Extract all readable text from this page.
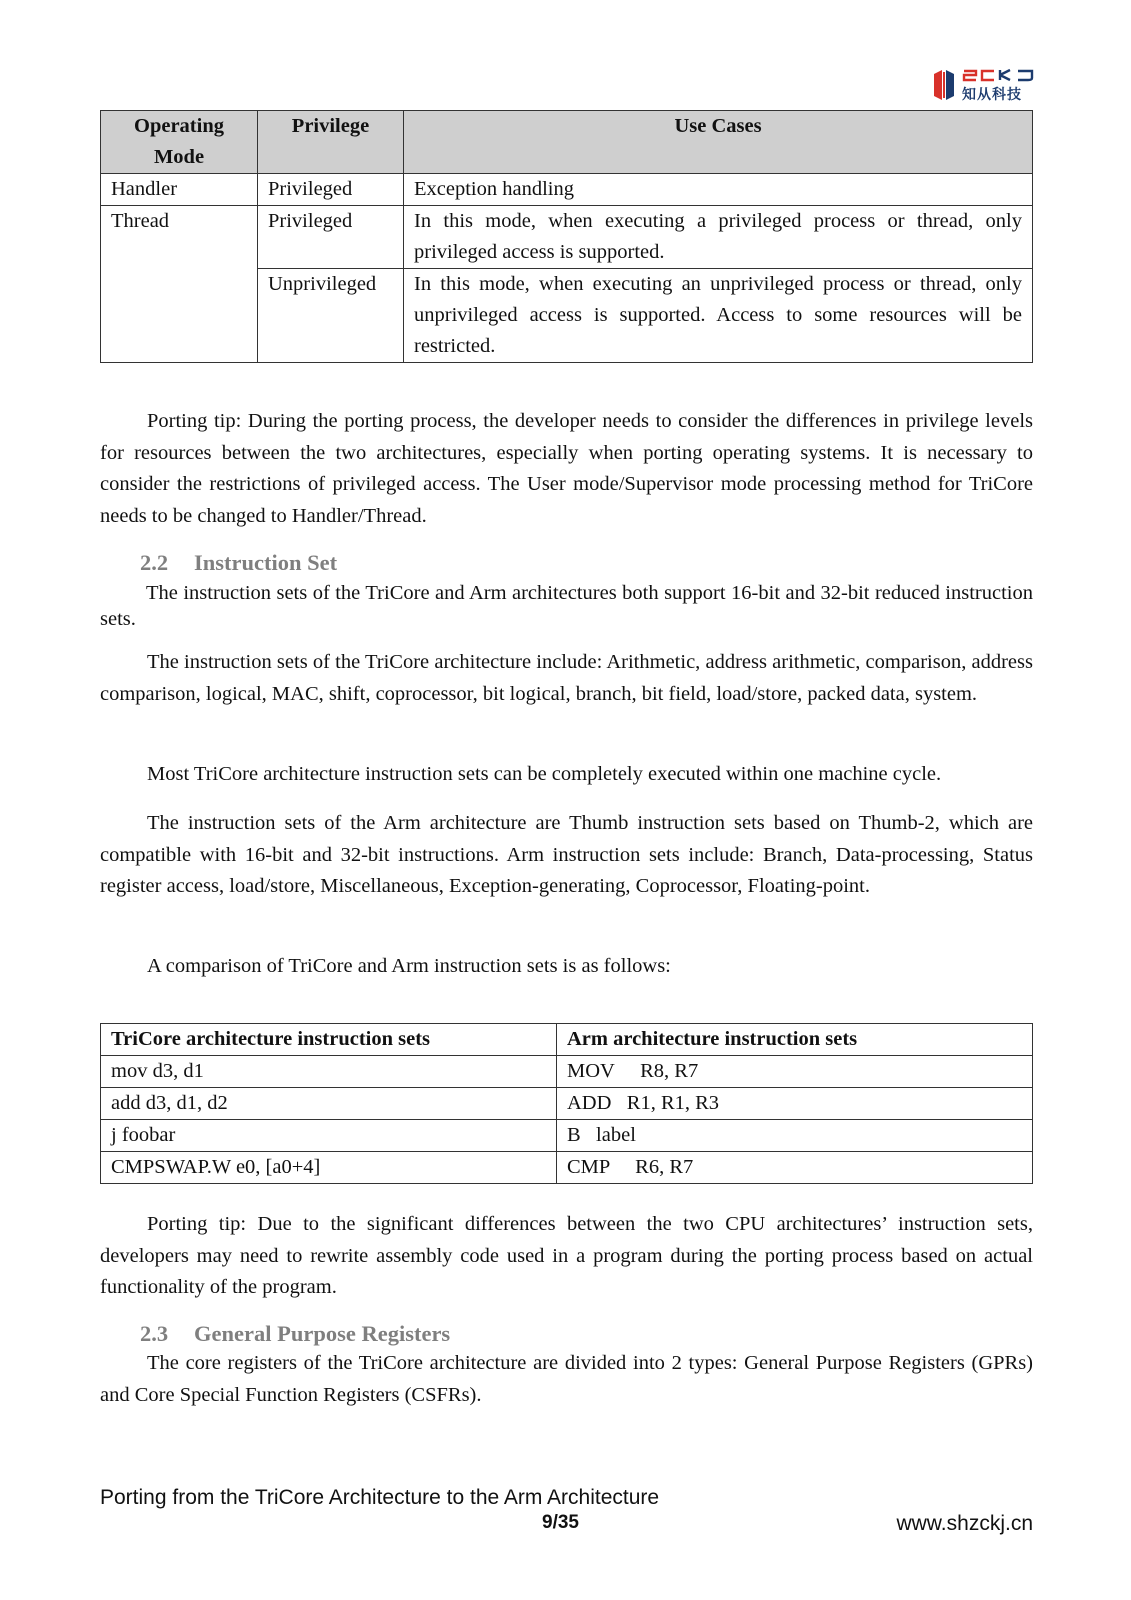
知从科技
Operating Mode	Privilege	Use Cases
Handler	Privileged	Exception handling
Thread	Privileged	In this mode, when executing a privileged process or thread, only privileged access is supported.
	Unprivileged	In this mode, when executing an unprivileged process or thread, only unprivileged access is supported. Access to some resources will be restricted.

Porting tip: During the porting process, the developer needs to consider the differences in privilege levels for resources between the two architectures, especially when porting operating systems. It is necessary to consider the restrictions of privileged access. The User mode/Supervisor mode processing method for TriCore needs to be changed to Handler/Thread.

2.2 Instruction Set

The instruction sets of the TriCore and Arm architectures both support 16-bit and 32-bit reduced instruction sets.

The instruction sets of the TriCore architecture include: Arithmetic, address arithmetic, comparison, address comparison, logical, MAC, shift, coprocessor, bit logical, branch, bit field, load/store, packed data, system.

Most TriCore architecture instruction sets can be completely executed within one machine cycle.

The instruction sets of the Arm architecture are Thumb instruction sets based on Thumb-2, which are compatible with 16-bit and 32-bit instructions. Arm instruction sets include: Branch, Data-processing, Status register access, load/store, Miscellaneous, Exception-generating, Coprocessor, Floating-point.

A comparison of TriCore and Arm instruction sets is as follows:

TriCore architecture instruction sets	Arm architecture instruction sets
mov d3, d1	MOV     R8, R7
add d3, d1, d2	ADD   R1, R1, R3
j foobar	B   label
CMPSWAP.W e0, [a0+4]	CMP     R6, R7

Porting tip: Due to the significant differences between the two CPU architectures’ instruction sets, developers may need to rewrite assembly code used in a program during the porting process based on actual functionality of the program.

2.3 General Purpose Registers

The core registers of the TriCore architecture are divided into 2 types: General Purpose Registers (GPRs) and Core Special Function Registers (CSFRs).

Porting from the TriCore Architecture to the Arm Architecture
9/35	www.shzckj.cn
